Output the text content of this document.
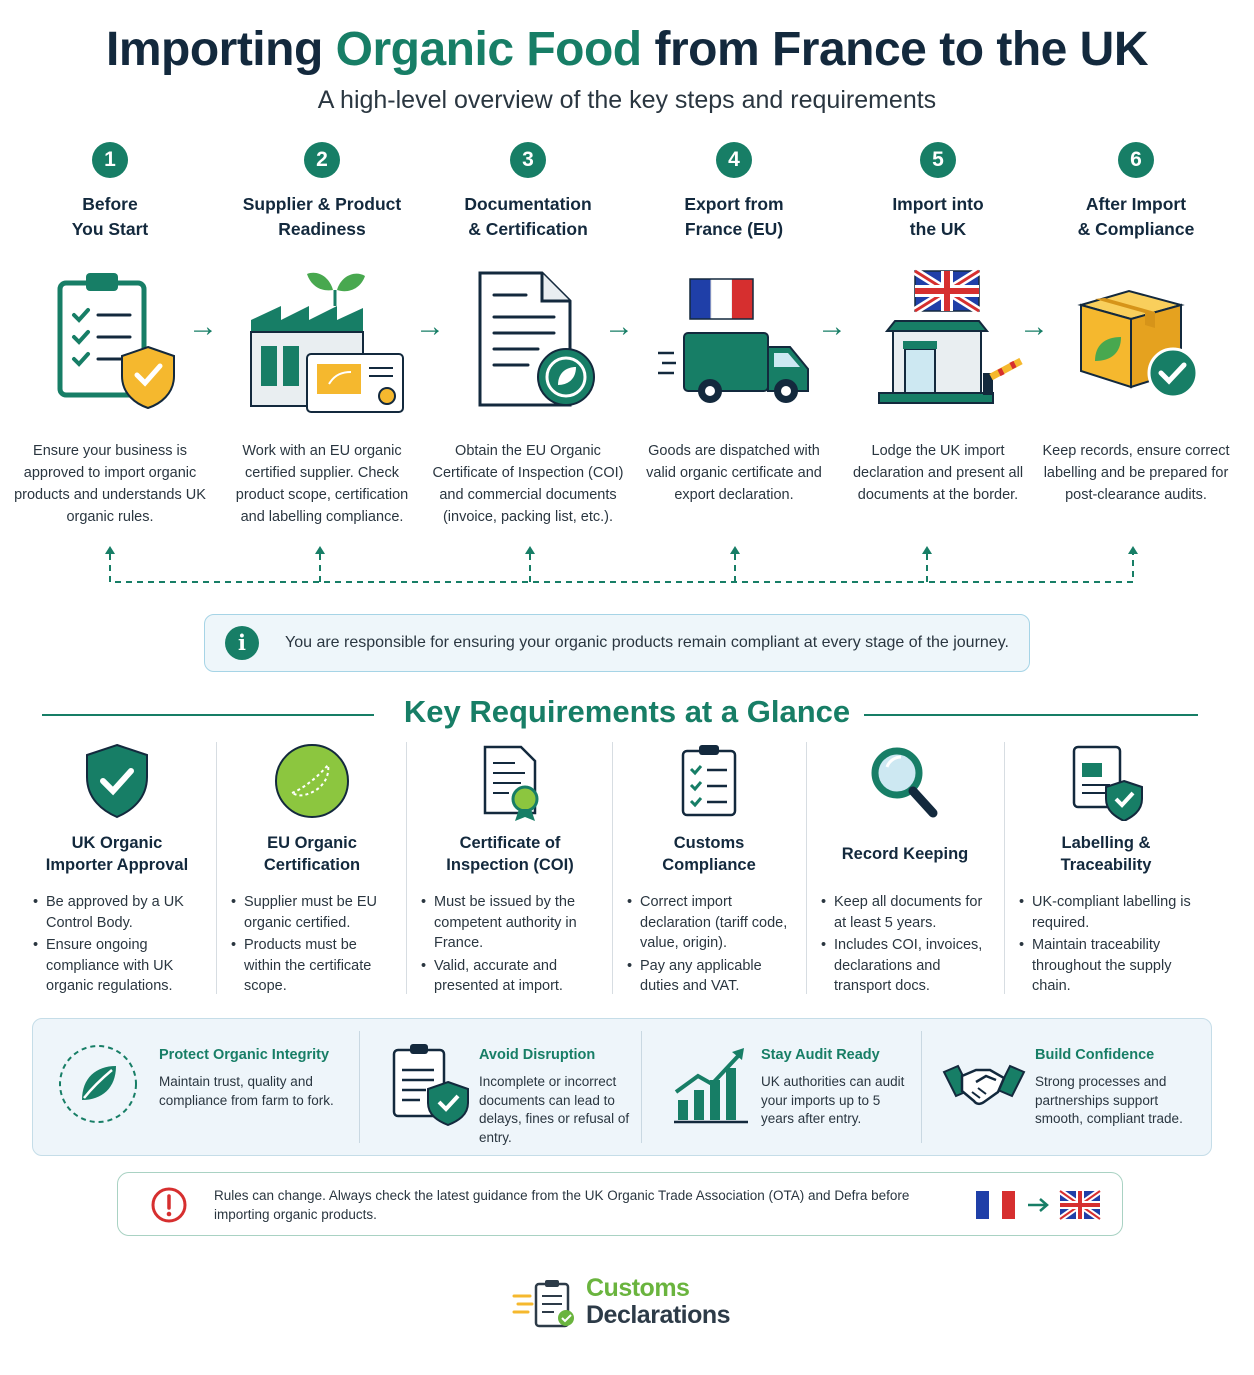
Importing Organic Food from France to the UK
A high-level overview of the key steps and requirements
1
Before
You Start
Ensure your business is approved to import organic products and understands UK organic rules.
→
2
Supplier & Product
Readiness
Work with an EU organic certified supplier. Check product scope, certification and labelling compliance.
→
3
Documentation
& Certification
Obtain the EU Organic Certificate of Inspection (COI) and commercial documents (invoice, packing list, etc.).
→
4
Export from
France (EU)
Goods are dispatched with valid organic certificate and export declaration.
→
5
Import into
the UK
Lodge the UK import declaration and present all documents at the border.
→
6
After Import
& Compliance
Keep records, ensure correct labelling and be prepared for post-clearance audits.
i	You are responsible for ensuring your organic products remain compliant at every stage of the journey.
Key Requirements at a Glance
UK Organic
Importer Approval
• Be approved by a UK Control Body.
• Ensure ongoing compliance with UK organic regulations.
EU Organic
Certification
• Supplier must be EU organic certified.
• Products must be within the certificate scope.
Certificate of
Inspection (COI)
• Must be issued by the competent authority in France.
• Valid, accurate and presented at import.
Customs
Compliance
• Correct import declaration (tariff code, value, origin).
• Pay any applicable duties and VAT.
Record Keeping
• Keep all documents for at least 5 years.
• Includes COI, invoices, declarations and transport docs.
Labelling &
Traceability
• UK-compliant labelling is required.
• Maintain traceability throughout the supply chain.
Protect Organic Integrity
Maintain trust, quality and compliance from farm to fork.
Avoid Disruption
Incomplete or incorrect documents can lead to delays, fines or refusal of entry.
Stay Audit Ready
UK authorities can audit your imports up to 5 years after entry.
Build Confidence
Strong processes and partnerships support smooth, compliant trade.
Rules can change. Always check the latest guidance from the UK Organic Trade Association (OTA) and Defra before importing organic products.
Customs
Declarations
